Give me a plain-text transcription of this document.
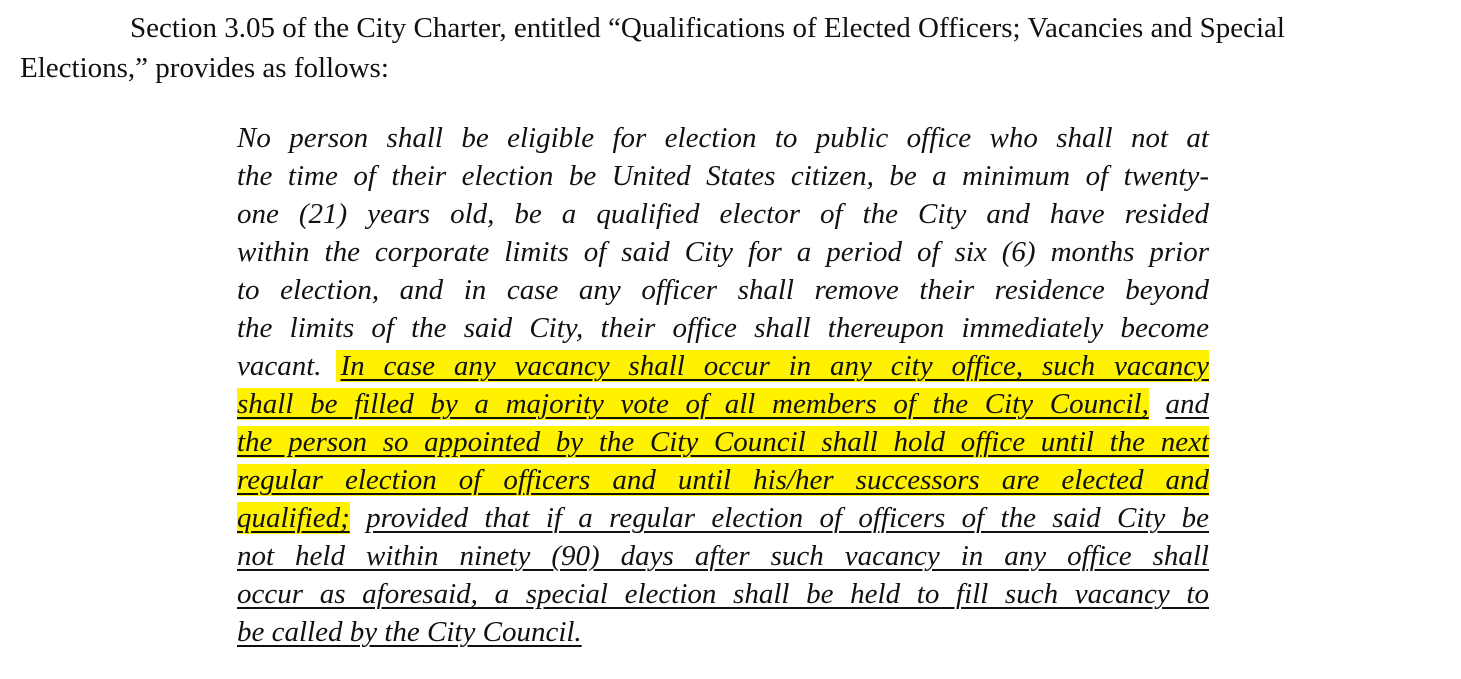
Section 3.05 of the City Charter, entitled “Qualifications of Elected Officers; Vacancies and Special
Elections,” provides as follows:
No person shall be eligible for election to public office who shall not at
the time of their election be United States citizen, be a minimum of twenty-
one (21) years old, be a qualified elector of the City and have resided
within the corporate limits of said City for a period of six (6) months prior
to election, and in case any officer shall remove their residence beyond
the limits of the said City, their office shall thereupon immediately become
vacant. In case any vacancy shall occur in any city office, such vacancy
shall be filled by a majority vote of all members of the City Council, and
the person so appointed by the City Council shall hold office until the next
regular election of officers and until his/her successors are elected and
qualified; provided that if a regular election of officers of the said City be
not held within ninety (90) days after such vacancy in any office shall
occur as aforesaid, a special election shall be held to fill such vacancy to
be called by the City Council.
